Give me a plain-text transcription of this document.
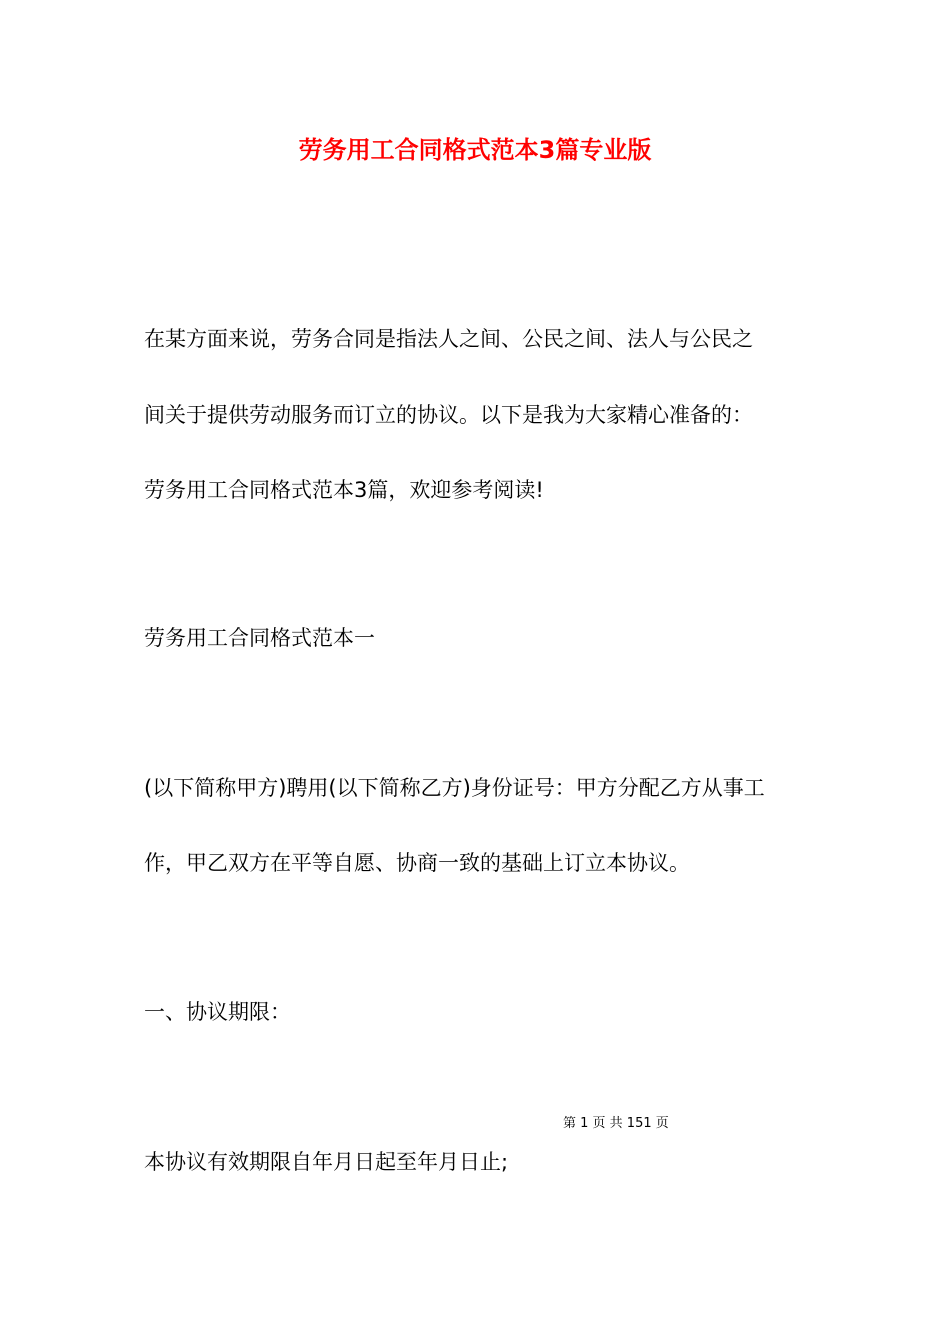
劳务用工合同格式范本3篇专业版
在某方面来说，劳务合同是指法人之间、公民之间、法人与公民之
间关于提供劳动服务而订立的协议。以下是我为大家精心准备的：
劳务用工合同格式范本3篇，欢迎参考阅读!
劳务用工合同格式范本一
(以下简称甲方)聘用(以下简称乙方)身份证号：甲方分配乙方从事工
作，甲乙双方在平等自愿、协商一致的基础上订立本协议。
一、协议期限：
第 1 页 共 151 页
本协议有效期限自年月日起至年月日止;
